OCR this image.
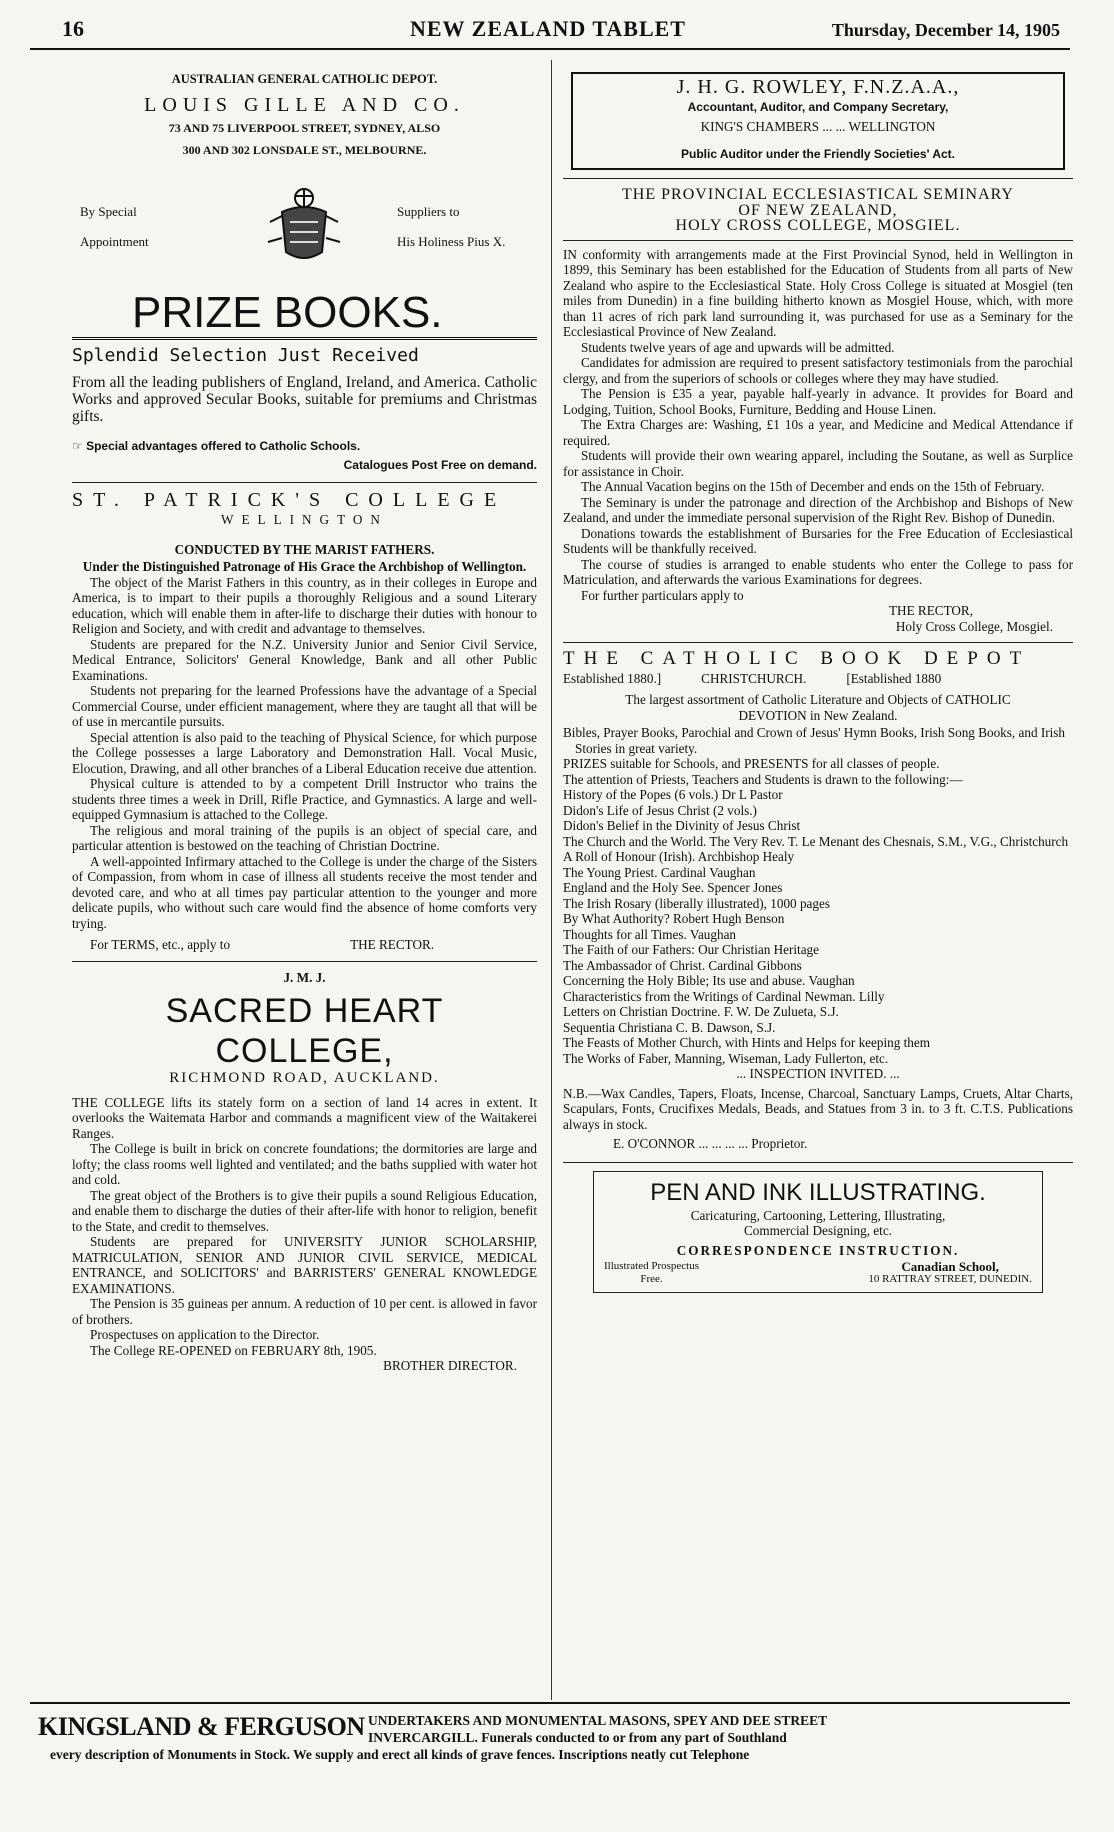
16	NEW ZEALAND TABLET	Thursday, December 14, 1905

AUSTRALIAN GENERAL CATHOLIC DEPOT.

LOUIS GILLE AND CO.

73 AND 75 LIVERPOOL STREET, SYDNEY, ALSO

300 AND 302 LONSDALE ST., MELBOURNE.

By Special
Appointment
Suppliers to
His Holiness Pius X.

PRIZE BOOKS.

Splendid Selection Just Received

From all the leading publishers of England, Ireland, and America. Catholic Works and approved Secular Books, suitable for premiums and Christmas gifts.

☞ Special advantages offered to Catholic Schools.

Catalogues Post Free on demand.

ST. PATRICK'S COLLEGE

WELLINGTON

CONDUCTED BY THE MARIST FATHERS.

Under the Distinguished Patronage of His Grace the Archbishop of Wellington.

The object of the Marist Fathers in this country, as in their colleges in Europe and America, is to impart to their pupils a thoroughly Religious and a sound Literary education, which will enable them in after-life to discharge their duties with honour to Religion and Society, and with credit and advantage to themselves.

Students are prepared for the N.Z. University Junior and Senior Civil Service, Medical Entrance, Solicitors' General Knowledge, Bank and all other Public Examinations.

Students not preparing for the learned Professions have the advantage of a Special Commercial Course, under efficient management, where they are taught all that will be of use in mercantile pursuits.

Special attention is also paid to the teaching of Physical Science, for which purpose the College possesses a large Laboratory and Demonstration Hall. Vocal Music, Elocution, Drawing, and all other branches of a Liberal Education receive due attention.

Physical culture is attended to by a competent Drill Instructor who trains the students three times a week in Drill, Rifle Practice, and Gymnastics. A large and well-equipped Gymnasium is attached to the College.

The religious and moral training of the pupils is an object of special care, and particular attention is bestowed on the teaching of Christian Doctrine.

A well-appointed Infirmary attached to the College is under the charge of the Sisters of Compassion, from whom in case of illness all students receive the most tender and devoted care, and who at all times pay particular attention to the younger and more delicate pupils, who without such care would find the absence of home comforts very trying.

For TERMS, etc., apply to	THE RECTOR.

J. M. J.

SACRED HEART COLLEGE,

RICHMOND ROAD, AUCKLAND.

THE COLLEGE lifts its stately form on a section of land 14 acres in extent. It overlooks the Waitemata Harbor and commands a magnificent view of the Waitakerei Ranges.

The College is built in brick on concrete foundations; the dormitories are large and lofty; the class rooms well lighted and ventilated; and the baths supplied with water hot and cold.

The great object of the Brothers is to give their pupils a sound Religious Education, and enable them to discharge the duties of their after-life with honor to religion, benefit to the State, and credit to themselves.

Students are prepared for UNIVERSITY JUNIOR SCHOLARSHIP, MATRICULATION, SENIOR AND JUNIOR CIVIL SERVICE, MEDICAL ENTRANCE, and SOLICITORS' and BARRISTERS' GENERAL KNOWLEDGE EXAMINATIONS.

The Pension is 35 guineas per annum. A reduction of 10 per cent. is allowed in favor of brothers.

Prospectuses on application to the Director.

The College RE-OPENED on FEBRUARY 8th, 1905.

BROTHER DIRECTOR.

J. H. G. ROWLEY, F.N.Z.A.A.,

Accountant, Auditor, and Company Secretary,

KING'S CHAMBERS ... ... WELLINGTON

Public Auditor under the Friendly Societies' Act.

THE PROVINCIAL ECCLESIASTICAL SEMINARY

OF NEW ZEALAND,

HOLY CROSS COLLEGE, MOSGIEL.

IN conformity with arrangements made at the First Provincial Synod, held in Wellington in 1899, this Seminary has been established for the Education of Students from all parts of New Zealand who aspire to the Ecclesiastical State. Holy Cross College is situated at Mosgiel (ten miles from Dunedin) in a fine building hitherto known as Mosgiel House, which, with more than 11 acres of rich park land surrounding it, was purchased for use as a Seminary for the Ecclesiastical Province of New Zealand.

Students twelve years of age and upwards will be admitted.

Candidates for admission are required to present satisfactory testimonials from the parochial clergy, and from the superiors of schools or colleges where they may have studied.

The Pension is £35 a year, payable half-yearly in advance. It provides for Board and Lodging, Tuition, School Books, Furniture, Bedding and House Linen.

The Extra Charges are: Washing, £1 10s a year, and Medicine and Medical Attendance if required.

Students will provide their own wearing apparel, including the Soutane, as well as Surplice for assistance in Choir.

The Annual Vacation begins on the 15th of December and ends on the 15th of February.

The Seminary is under the patronage and direction of the Archbishop and Bishops of New Zealand, and under the immediate personal supervision of the Right Rev. Bishop of Dunedin.

Donations towards the establishment of Bursaries for the Free Education of Ecclesiastical Students will be thankfully received.

The course of studies is arranged to enable students who enter the College to pass for Matriculation, and afterwards the various Examinations for degrees.

For further particulars apply to

THE RECTOR,

Holy Cross College, Mosgiel.

THE CATHOLIC BOOK DEPOT

Established 1880.]	CHRISTCHURCH.	[Established 1880

The largest assortment of Catholic Literature and Objects of CATHOLIC DEVOTION in New Zealand.

Bibles, Prayer Books, Parochial and Crown of Jesus' Hymn Books, Irish Song Books, and Irish Stories in great variety.
PRIZES suitable for Schools, and PRESENTS for all classes of people.
The attention of Priests, Teachers and Students is drawn to the following:—
History of the Popes (6 vols.) Dr L Pastor
Didon's Life of Jesus Christ (2 vols.)
Didon's Belief in the Divinity of Jesus Christ
The Church and the World. The Very Rev. T. Le Menant des Chesnais, S.M., V.G., Christchurch
A Roll of Honour (Irish). Archbishop Healy
The Young Priest. Cardinal Vaughan
England and the Holy See. Spencer Jones
The Irish Rosary (liberally illustrated), 1000 pages
By What Authority? Robert Hugh Benson
Thoughts for all Times. Vaughan
The Faith of our Fathers: Our Christian Heritage
The Ambassador of Christ. Cardinal Gibbons
Concerning the Holy Bible; Its use and abuse. Vaughan
Characteristics from the Writings of Cardinal Newman. Lilly
Letters on Christian Doctrine. F. W. De Zulueta, S.J.
Sequentia Christiana C. B. Dawson, S.J.
The Feasts of Mother Church, with Hints and Helps for keeping them
The Works of Faber, Manning, Wiseman, Lady Fullerton, etc.

... INSPECTION INVITED. ...

N.B.—Wax Candles, Tapers, Floats, Incense, Charcoal, Sanctuary Lamps, Cruets, Altar Charts, Scapulars, Fonts, Crucifixes Medals, Beads, and Statues from 3 in. to 3 ft. C.T.S. Publications always in stock.

E. O'CONNOR ... ... ... ... Proprietor.

PEN AND INK ILLUSTRATING.

Caricaturing, Cartooning, Lettering, Illustrating,

Commercial Designing, etc.

CORRESPONDENCE INSTRUCTION.

Illustrated Prospectus
Free.
Canadian School,
10 RATTRAY STREET, DUNEDIN.
KINGSLAND & FERGUSON UNDERTAKERS AND MONUMENTAL MASONS, SPEY AND DEE STREET
INVERCARGILL. Funerals conducted to or from any part of Southland
every description of Monuments in Stock. We supply and erect all kinds of grave fences. Inscriptions neatly cut Telephone
